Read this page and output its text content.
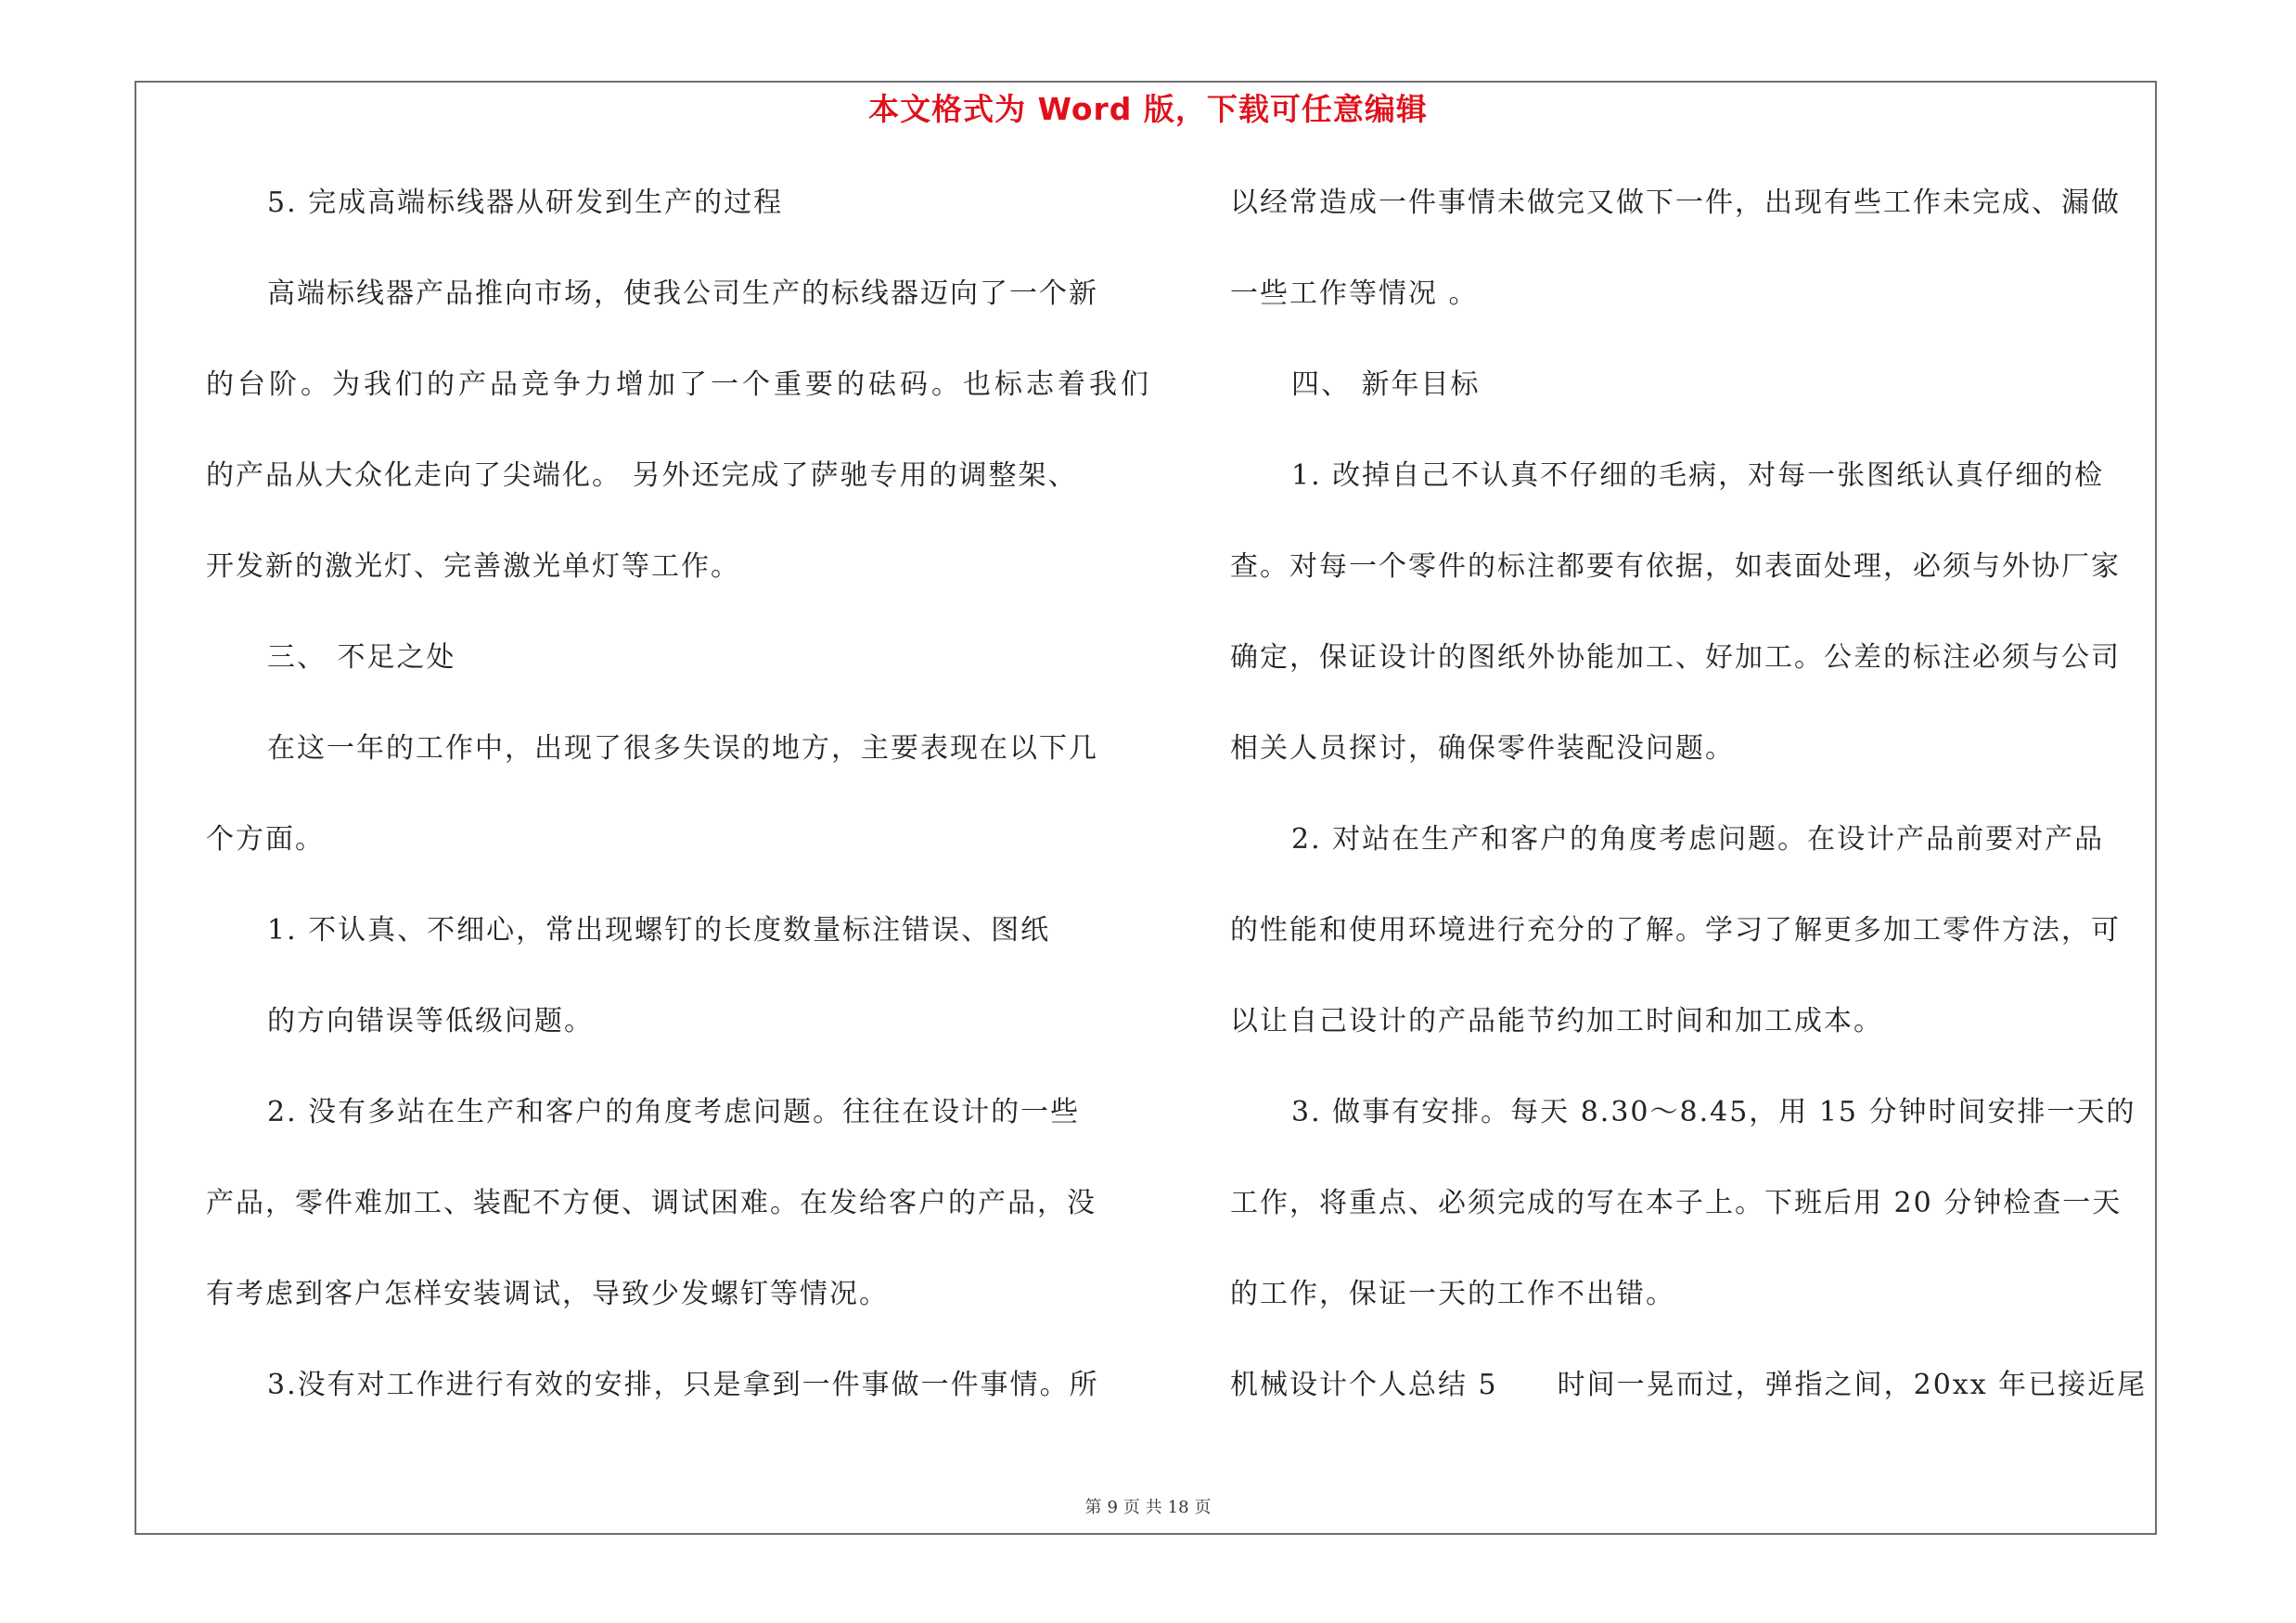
本文格式为 Word 版，下载可任意编辑
5. 完成高端标线器从研发到生产的过程
高端标线器产品推向市场，使我公司生产的标线器迈向了一个新
的台阶。为我们的产品竞争力增加了一个重要的砝码。也标志着我们
的产品从大众化走向了尖端化。 另外还完成了萨驰专用的调整架、
开发新的激光灯、完善激光单灯等工作。
三、 不足之处
在这一年的工作中，出现了很多失误的地方，主要表现在以下几
个方面。
1. 不认真、不细心，常出现螺钉的长度数量标注错误、图纸
的方向错误等低级问题。
2. 没有多站在生产和客户的角度考虑问题。往往在设计的一些
产品，零件难加工、装配不方便、调试困难。在发给客户的产品，没
有考虑到客户怎样安装调试，导致少发螺钉等情况。
3.没有对工作进行有效的安排，只是拿到一件事做一件事情。所
以经常造成一件事情未做完又做下一件，出现有些工作未完成、漏做
一些工作等情况 。
四、 新年目标
1. 改掉自己不认真不仔细的毛病，对每一张图纸认真仔细的检
查。对每一个零件的标注都要有依据，如表面处理，必须与外协厂家
确定，保证设计的图纸外协能加工、好加工。公差的标注必须与公司
相关人员探讨，确保零件装配没问题。
2. 对站在生产和客户的角度考虑问题。在设计产品前要对产品
的性能和使用环境进行充分的了解。学习了解更多加工零件方法，可
以让自己设计的产品能节约加工时间和加工成本。
3. 做事有安排。每天 8.30～8.45，用 15 分钟时间安排一天的
工作，将重点、必须完成的写在本子上。下班后用 20 分钟检查一天
的工作，保证一天的工作不出错。
机械设计个人总结 5　　时间一晃而过，弹指之间，20xx 年已接近尾
第 9 页 共 18 页
